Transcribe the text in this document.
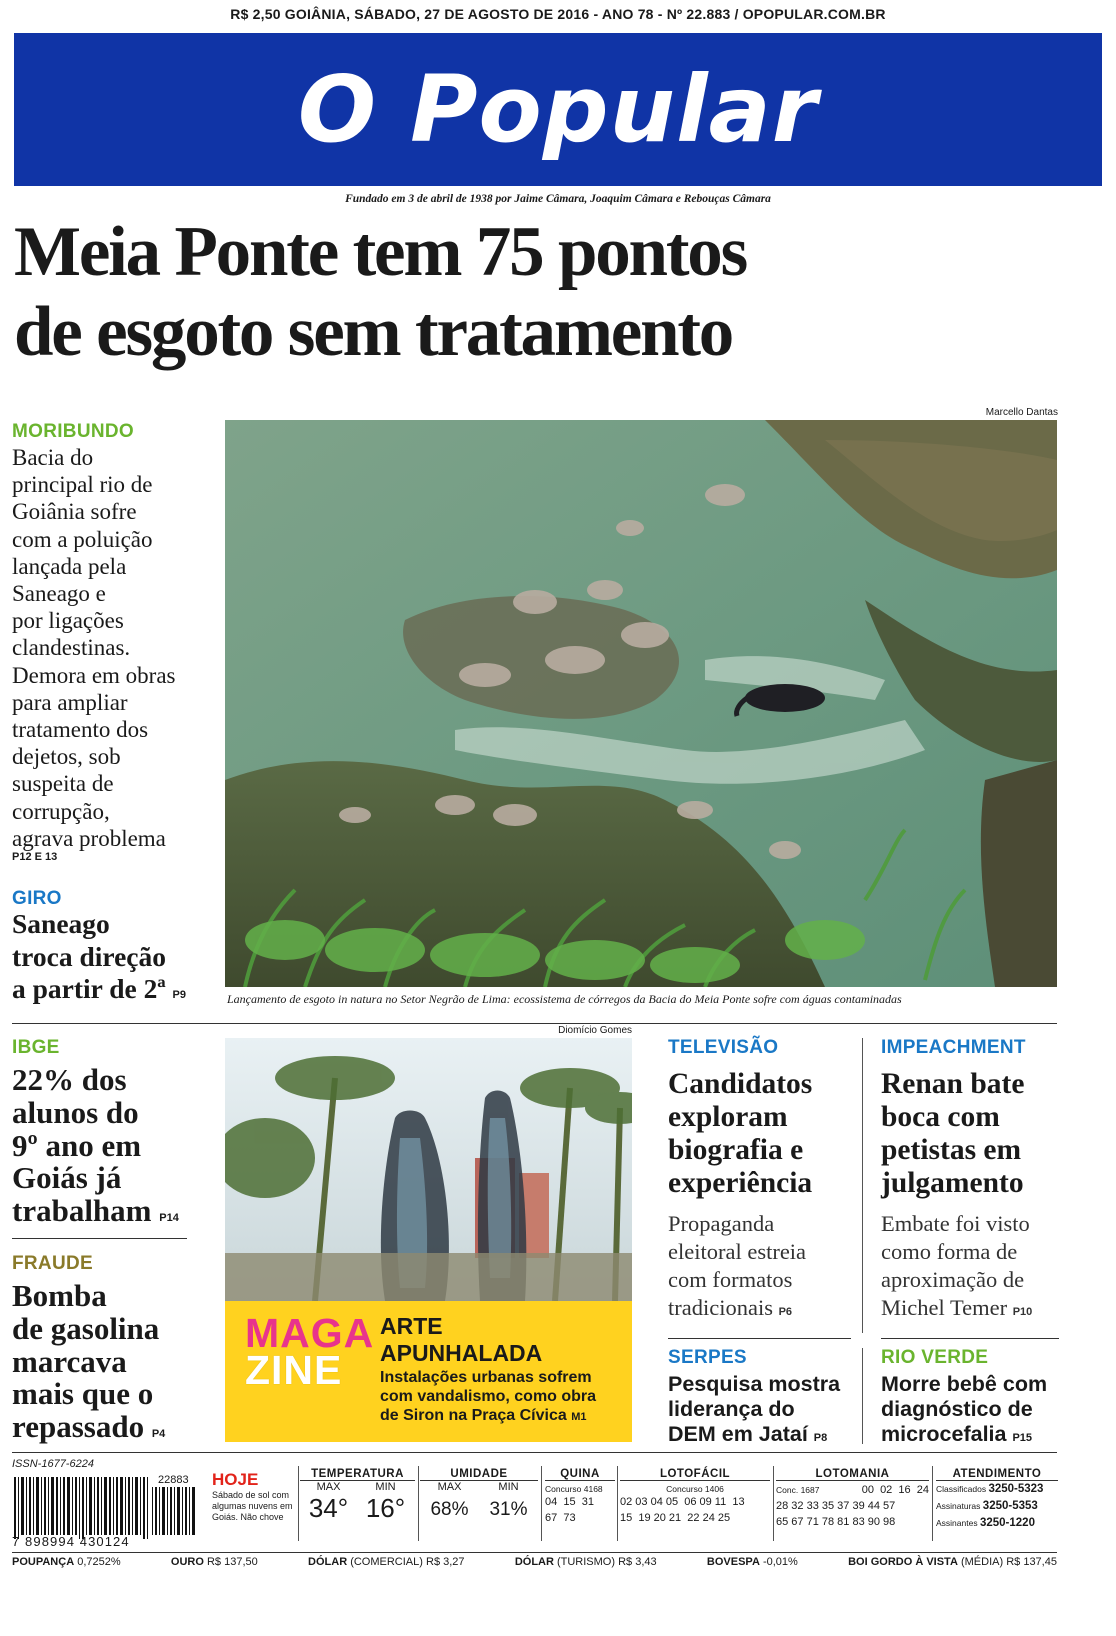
R$ 2,50 GOIÂNIA, SÁBADO, 27 DE AGOSTO DE 2016 - ANO 78 - Nº 22.883 / OPOPULAR.COM.BR
O Popular
Fundado em 3 de abril de 1938 por Jaime Câmara, Joaquim Câmara e Rebouças Câmara
Meia Ponte tem 75 pontos
de esgoto sem tratamento
MORIBUNDO
Bacia do
principal rio de
Goiânia sofre
com a poluição
lançada pela
Saneago e
por ligações
clandestinas.
Demora em obras
para ampliar
tratamento dos
dejetos, sob
suspeita de
corrupção,
agrava problema
P12 E 13
GIRO
Saneago
troca direção
a partir de 2ª P9
Marcello Dantas
Lançamento de esgoto in natura no Setor Negrão de Lima: ecossistema de córregos da Bacia do Meia Ponte sofre com águas contaminadas
IBGE
22% dos
alunos do
9º ano em
Goiás já
trabalham P14
FRAUDE
Bomba
de gasolina
marcava
mais que o
repassado P4
Diomício Gomes
MAGA
ZINE
ARTE
APUNHALADA
Instalações urbanas sofrem
com vandalismo, como obra
de Siron na Praça Cívica M1
TELEVISÃO
Candidatos
exploram
biografia e
experiência
Propaganda
eleitoral estreia
com formatos
tradicionais P6
IMPEACHMENT
Renan bate
boca com
petistas em
julgamento
Embate foi visto
como forma de
aproximação de
Michel Temer P10
SERPES
Pesquisa mostra
liderança do
DEM em Jataí P8
RIO VERDE
Morre bebê com
diagnóstico de
microcefalia P15
ISSN-1677-6224
22883
7 898994 430124
HOJE
Sábado de sol com algumas nuvens em Goiás. Não chove
TEMPERATURA
MAX	MIN
34° 16°
UMIDADE
MAX	MIN
68%	31%
QUINA
Concurso 4168
04  15  31
67  73
LOTOFÁCIL
Concurso 1406
02 03 04 05  06 09 11  13
15  19 20 21  22 24 25
LOTOMANIA
Conc. 1687	00  02  16  24
28 32 33 35 37 39 44 57
65 67 71 78 81 83 90 98
ATENDIMENTO
Classificados 3250-5323
Assinaturas 3250-5353
Assinantes 3250-1220
POUPANÇA 0,7252%	OURO R$ 137,50	DÓLAR (COMERCIAL) R$ 3,27	DÓLAR (TURISMO) R$ 3,43	BOVESPA -0,01%	BOI GORDO À VISTA (MÉDIA) R$ 137,45
